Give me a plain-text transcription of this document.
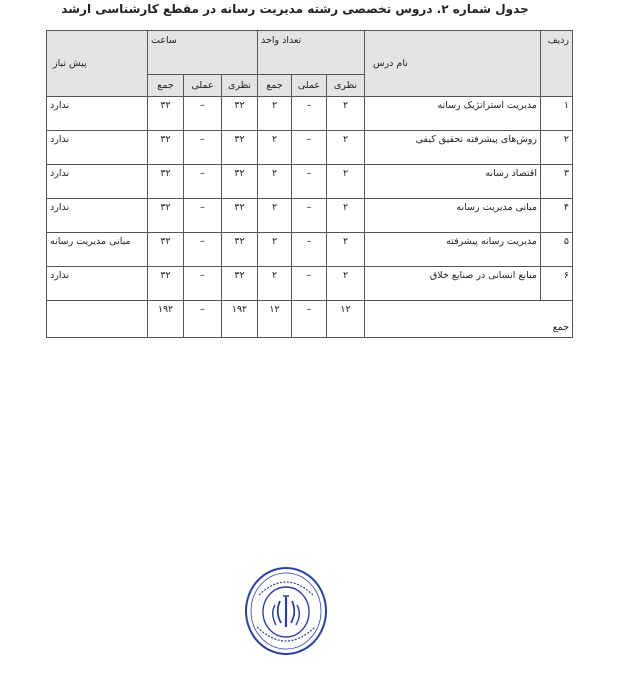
جدول شماره ۲. دروس تخصصی رشته مدیریت رسانه در مقطع کارشناسی ارشد
ردیف	نام درس	تعداد واحد			ساعت			پیش نیاز
		نظری	عملی	جمع	نظری	عملی	جمع	
۱	مدیریت استراتژیک رسانه	۲	–	۲	۳۲	–	۳۲	ندارد
۲	روش‌های پیشرفته تحقیق کیفی	۲	–	۲	۳۲	–	۳۲	ندارد
۳	اقتصاد رسانه	۲	–	۲	۳۲	–	۳۲	ندارد
۴	مبانی مدیریت رسانه	۲	–	۲	۳۲	–	۳۲	ندارد
۵	مدیریت رسانه پیشرفته	۲	–	۲	۳۲	–	۳۲	مبانی مدیریت رسانه
۶	منابع انسانی در صنایع خلاق	۲	–	۲	۳۲	–	۳۲	ندارد
جمع		۱۲	–	۱۲	۱۹۲	–	۱۹۲	
